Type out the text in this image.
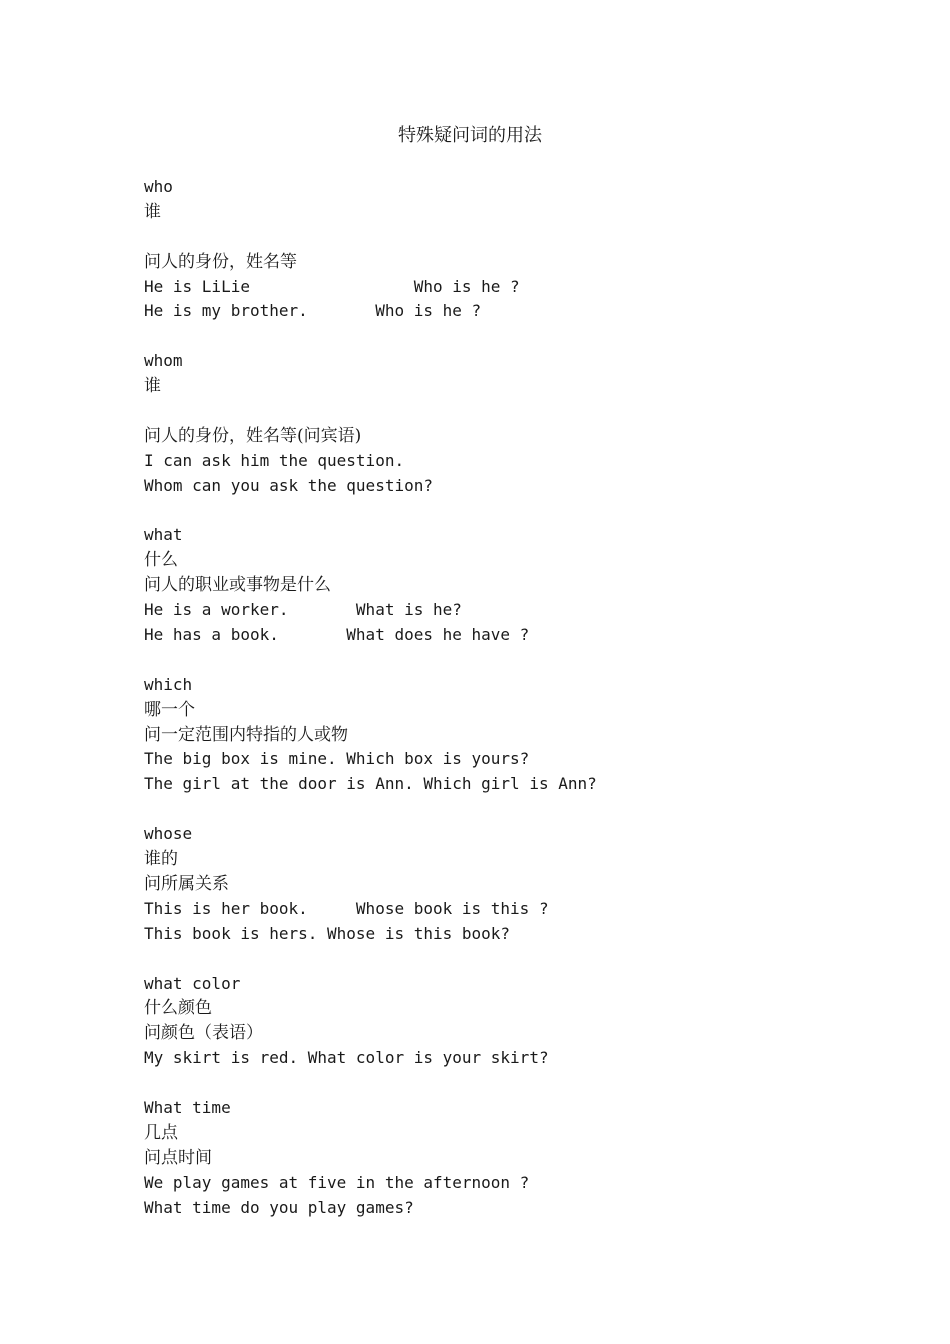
特殊疑问词的用法
who
谁
问人的身份，姓名等
He is LiLie                 Who is he ?
He is my brother.       Who is he ?
whom
谁
问人的身份，姓名等(问宾语)
I can ask him the question.
Whom can you ask the question?
what
什么
问人的职业或事物是什么
He is a worker.       What is he?
He has a book.       What does he have ?
which
哪一个
问一定范围内特指的人或物
The big box is mine. Which box is yours?
The girl at the door is Ann. Which girl is Ann?
whose
谁的
问所属关系
This is her book.     Whose book is this ?
This book is hers. Whose is this book?
what color
什么颜色
问颜色（表语）
My skirt is red. What color is your skirt?
What time
几点
问点时间
We play games at five in the afternoon ?
What time do you play games?
